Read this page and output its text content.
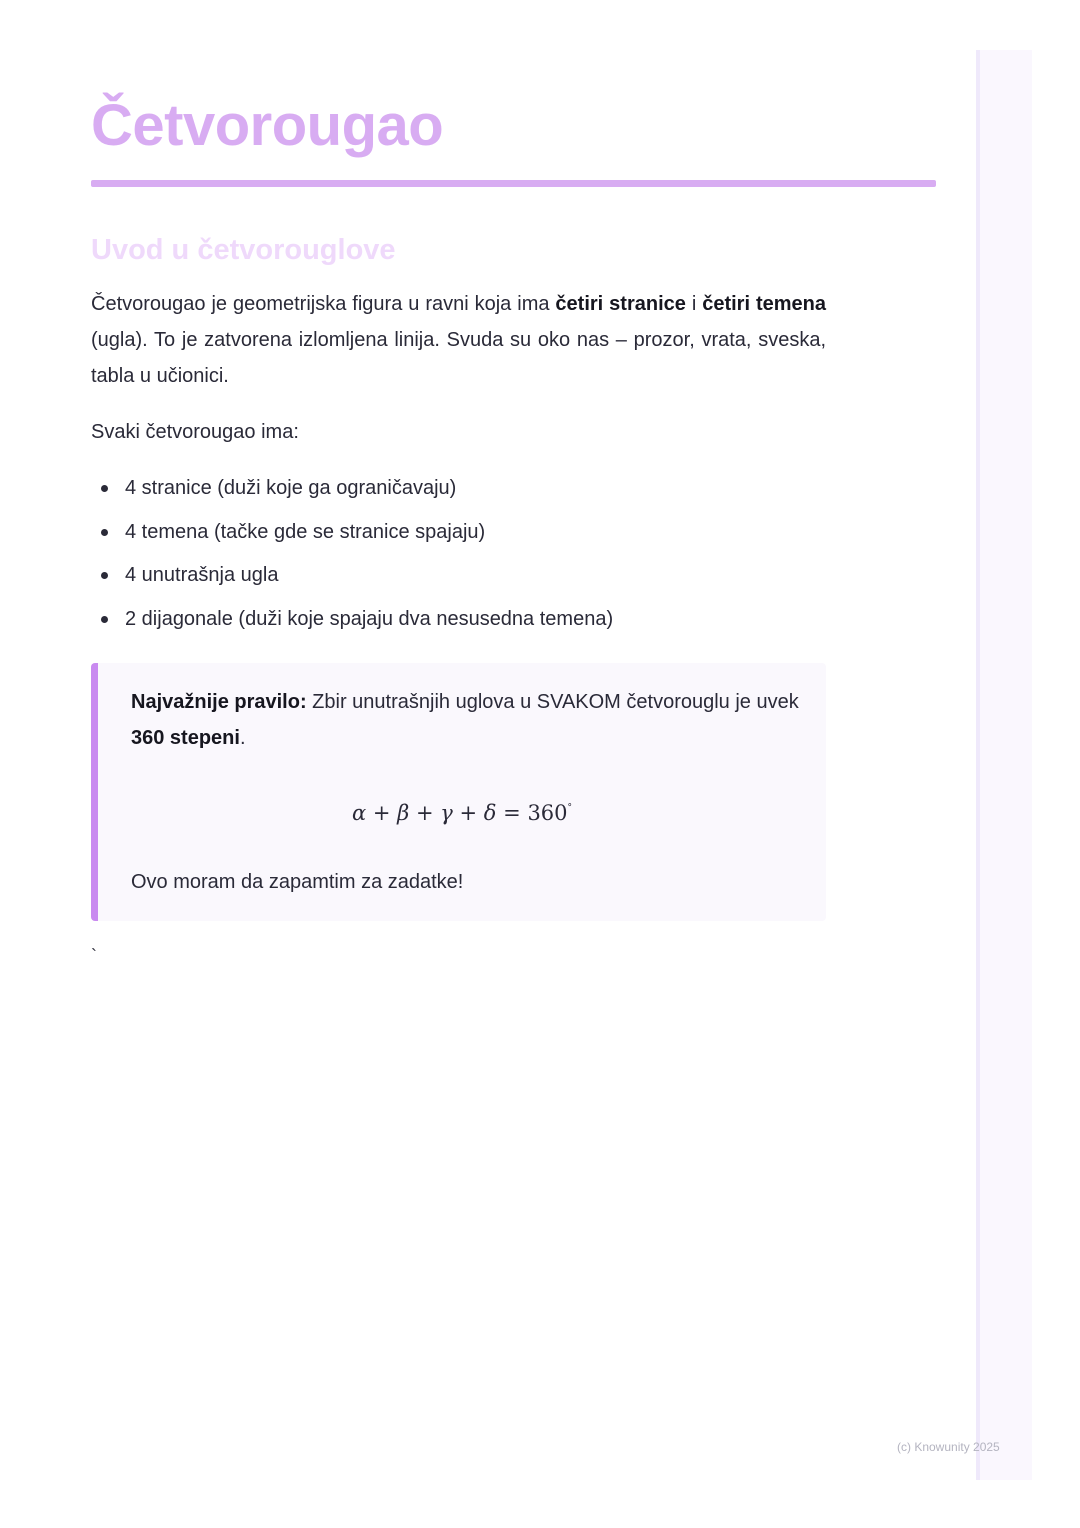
Četvorougao
Uvod u četvorouglove

Četvorougao je geometrijska figura u ravni koja ima četiri stranice i četiri temena (ugla). To je zatvorena izlomljena linija. Svuda su oko nas – prozor, vrata, sveska, tabla u učionici.

Svaki četvorougao ima:

4 stranice (duži koje ga ograničavaju)
4 temena (tačke gde se stranice spajaju)
4 unutrašnja ugla
2 dijagonale (duži koje spajaju dva nesusedna temena)

Najvažnije pravilo: Zbir unutrašnjih uglova u SVAKOM četvorouglu je uvek 360 stepeni.

α + β + γ + δ = 360°

Ovo moram da zapamtim za zadatke!

`
(c) Knowunity 2025
